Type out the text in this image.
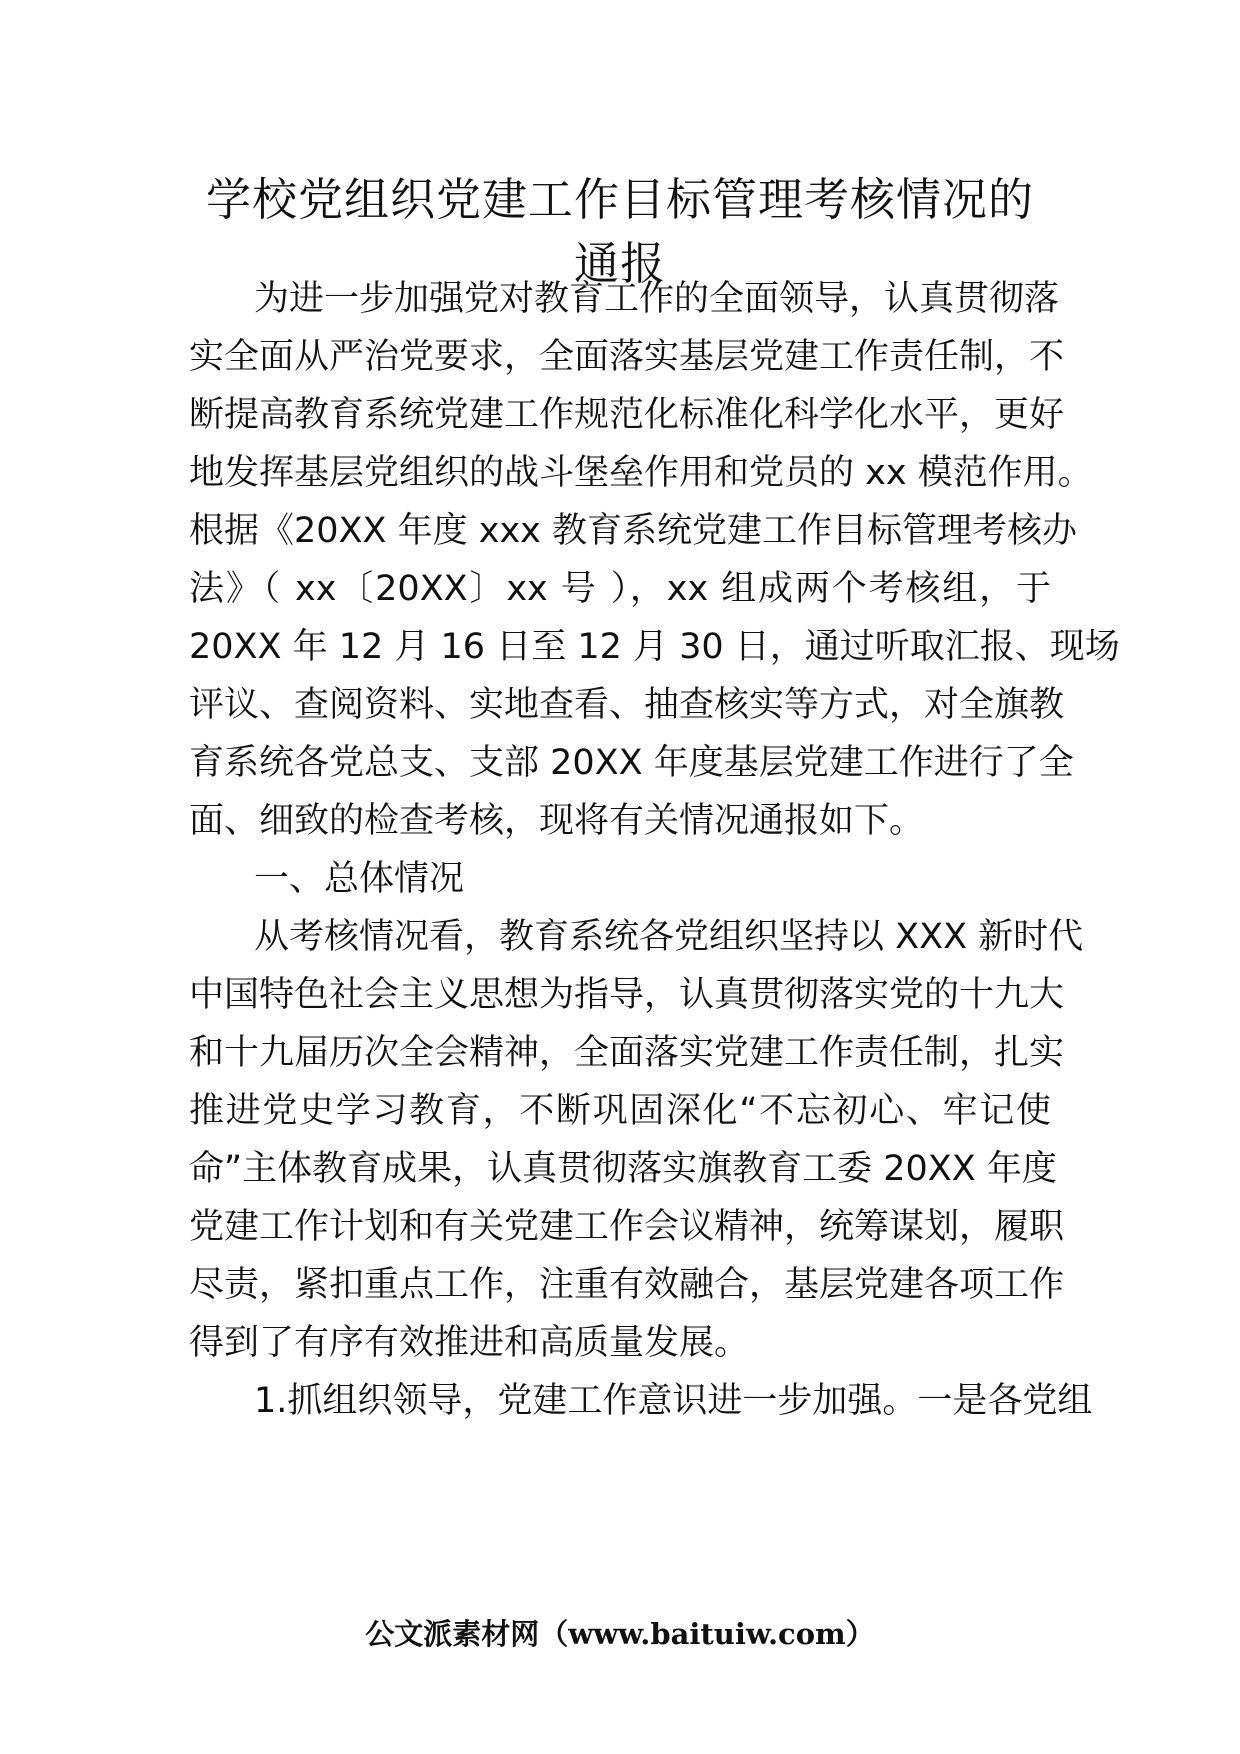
学校党组织党建工作目标管理考核情况的
通报
为进一步加强党对教育工作的全面领导，认真贯彻落
实全面从严治党要求，全面落实基层党建工作责任制，不
断提高教育系统党建工作规范化标准化科学化水平，更好
地发挥基层党组织的战斗堡垒作用和党员的 xx 模范作用。
根据《20XX 年度 xxx 教育系统党建工作目标管理考核办
法》（ xx〔20XX〕xx 号 ），xx 组成两个考核组，于
20XX 年 12 月 16 日至 12 月 30 日，通过听取汇报、现场
评议、查阅资料、实地查看、抽查核实等方式，对全旗教
育系统各党总支、支部 20XX 年度基层党建工作进行了全
面、细致的检查考核，现将有关情况通报如下。
一、总体情况
从考核情况看，教育系统各党组织坚持以 XXX 新时代
中国特色社会主义思想为指导，认真贯彻落实党的十九大
和十九届历次全会精神，全面落实党建工作责任制，扎实
推进党史学习教育，不断巩固深化“不忘初心、牢记使
命”主体教育成果，认真贯彻落实旗教育工委 20XX 年度
党建工作计划和有关党建工作会议精神，统筹谋划，履职
尽责，紧扣重点工作，注重有效融合，基层党建各项工作
得到了有序有效推进和高质量发展。
1.抓组织领导，党建工作意识进一步加强。一是各党组
公文派素材网（www.baituiw.com）
